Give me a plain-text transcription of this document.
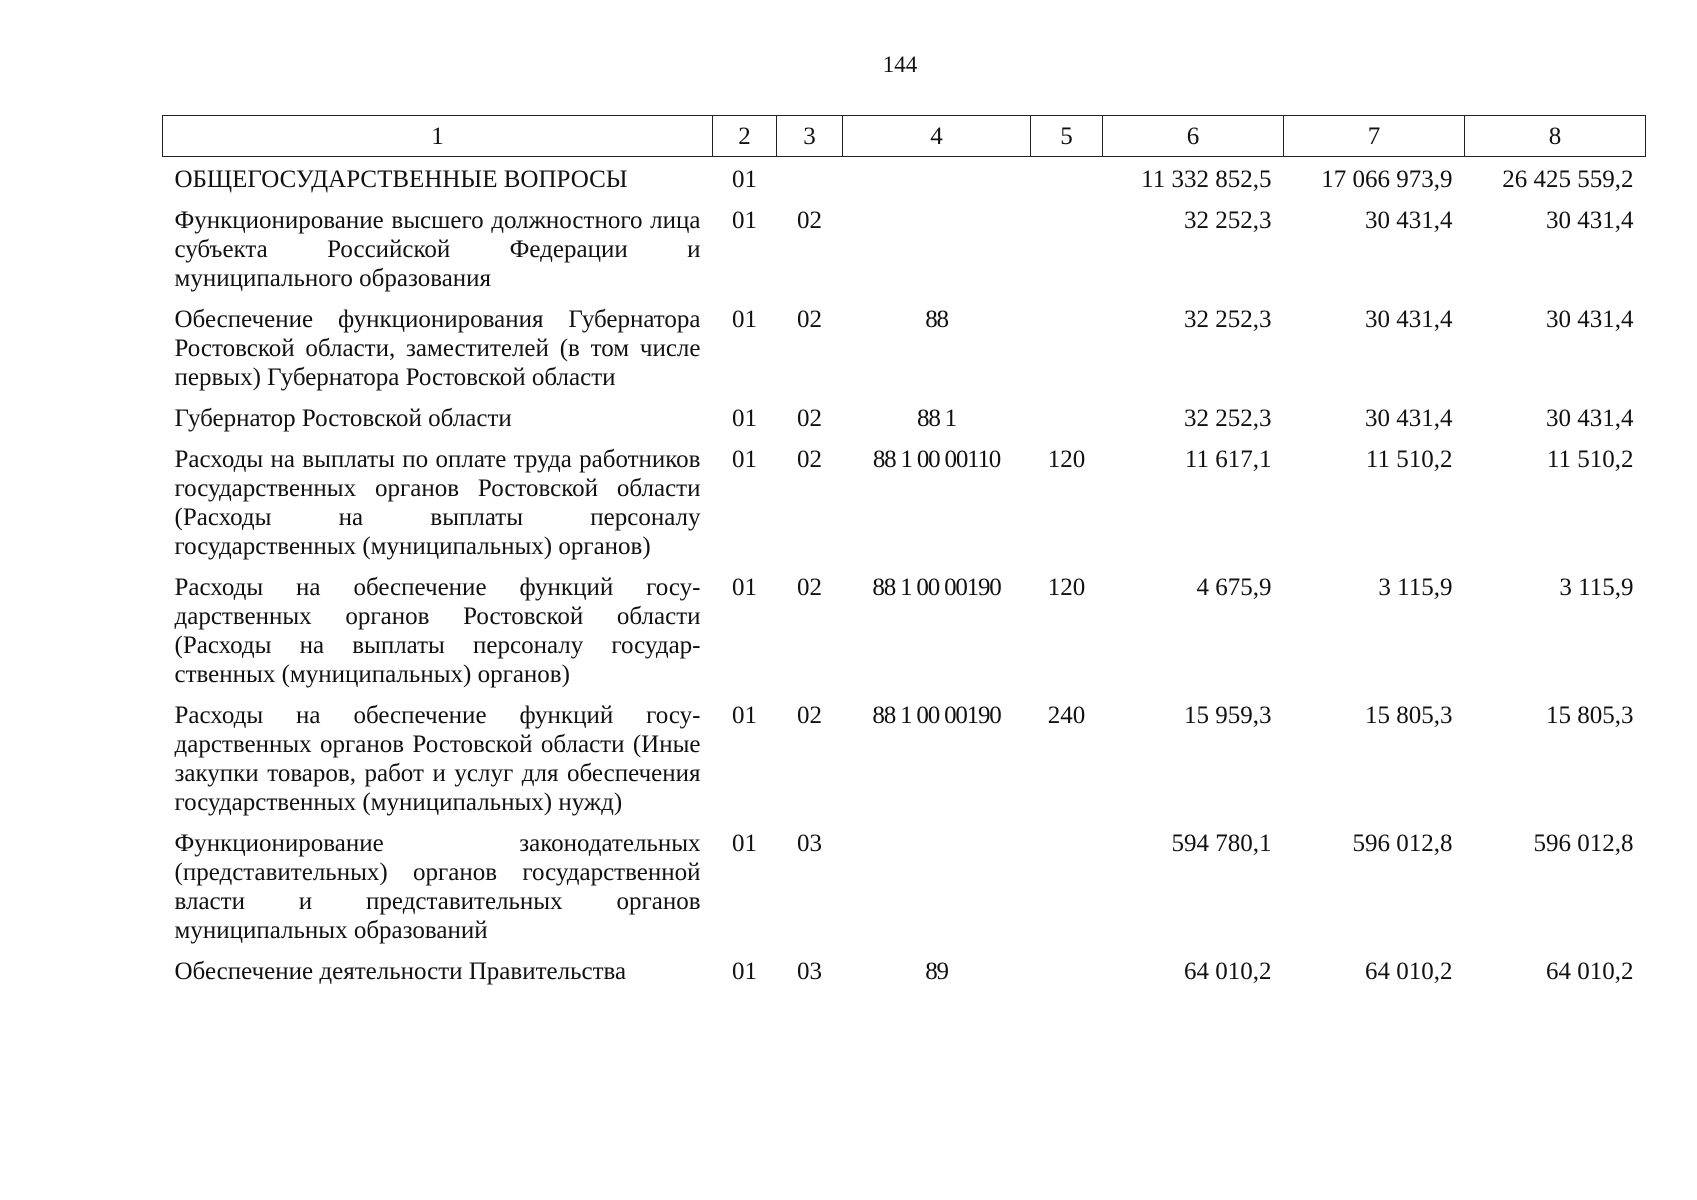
144
1	2	3	4	5	6	7	8
ОБЩЕГОСУДАРСТВЕННЫЕ ВОПРОСЫ	01				11 332 852,5	17 066 973,9	26 425 559,2
Функционирование высшего должностного лица субъекта Российской Федерации и муниципального образования	01	02			32 252,3	30 431,4	30 431,4
Обеспечение функционирования Губернатора Ростовской области, заместителей (в том числе первых) Губернатора Ростовской области	01	02	88		32 252,3	30 431,4	30 431,4
Губернатор Ростовской области	01	02	88 1		32 252,3	30 431,4	30 431,4
Расходы на выплаты по оплате труда работников государственных органов Ростовской области (Расходы на выплаты персоналу государственных (муниципальных) органов)	01	02	88 1 00 00110	120	11 617,1	11 510,2	11 510,2
Расходы на обеспечение функций государственных органов Ростовской области (Расходы на выплаты персоналу государственных (муниципальных) органов)	01	02	88 1 00 00190	120	4 675,9	3 115,9	3 115,9
Расходы на обеспечение функций государственных органов Ростовской области (Иные закупки товаров, работ и услуг для обеспечения государственных (муниципальных) нужд)	01	02	88 1 00 00190	240	15 959,3	15 805,3	15 805,3
Функционирование законодательных (представительных) органов государственной власти и представительных органов муниципальных образований	01	03			594 780,1	596 012,8	596 012,8
Обеспечение деятельности Правительства	01	03	89		64 010,2	64 010,2	64 010,2
